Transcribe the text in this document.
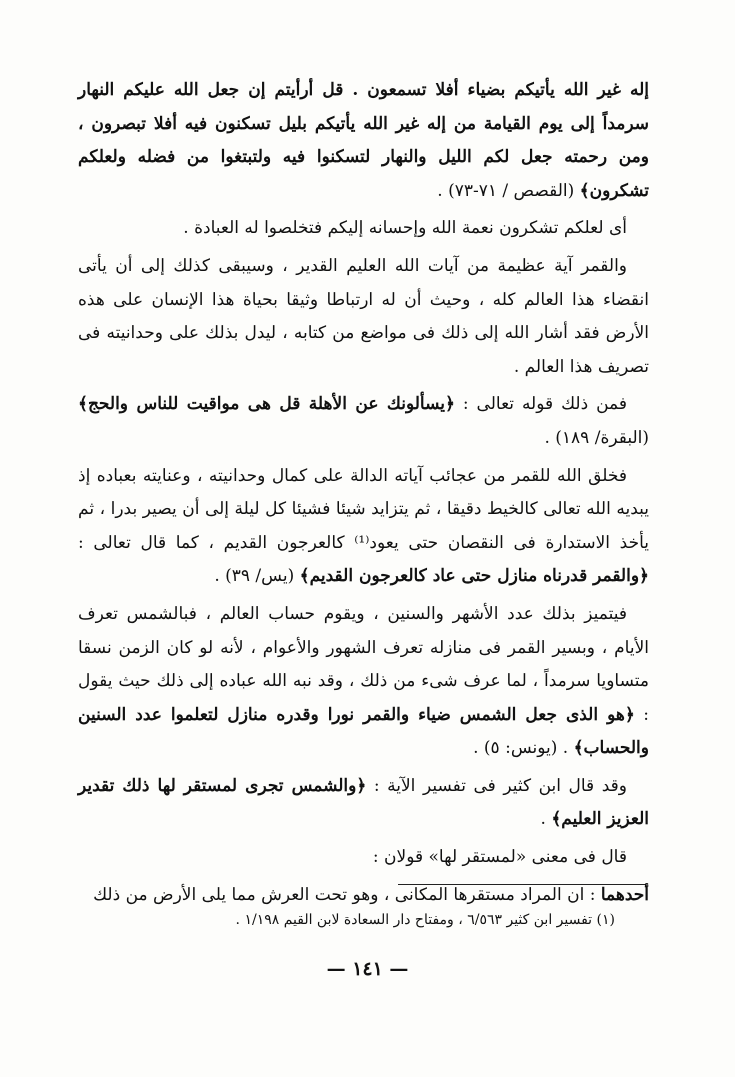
إله غير الله يأتيكم بضياء أفلا تسمعون . قل أرأيتم إن جعل الله عليكم النهار سرمداً إلى يوم القيامة من إله غير الله يأتيكم بليل تسكنون فيه أفلا تبصرون ، ومن رحمته جعل لكم الليل والنهار لتسكنوا فيه ولتبتغوا من فضله ولعلكم تشكرون﴾ (القصص / ٧١-٧٣) .

أى لعلكم تشكرون نعمة الله وإحسانه إليكم فتخلصوا له العبادة .

والقمر آية عظيمة من آيات الله العليم القدير ، وسيبقى كذلك إلى أن يأتى انقضاء هذا العالم كله ، وحيث أن له ارتباطا وثيقا بحياة هذا الإنسان على هذه الأرض فقد أشار الله إلى ذلك فى مواضع من كتابه ، ليدل بذلك على وحدانيته فى تصريف هذا العالم .

فمن ذلك قوله تعالى : ﴿يسألونك عن الأهلة قل هى مواقيت للناس والحج﴾ (البقرة/ ١٨٩) .

فخلق الله للقمر من عجائب آياته الدالة على كمال وحدانيته ، وعنايته بعباده إذ يبديه الله تعالى كالخيط دقيقا ، ثم يتزايد شيئا فشيئا كل ليلة إلى أن يصير بدرا ، ثم يأخذ الاستدارة فى النقصان حتى يعود⁽¹⁾ كالعرجون القديم ، كما قال تعالى : ﴿والقمر قدرناه منازل حتى عاد كالعرجون القديم﴾ (يس/ ٣٩) .

فيتميز بذلك عدد الأشهر والسنين ، ويقوم حساب العالم ، فبالشمس تعرف الأيام ، وبسير القمر فى منازله تعرف الشهور والأعوام ، لأنه لو كان الزمن نسقا متساويا سرمداً ، لما عرف شىء من ذلك ، وقد نبه الله عباده إلى ذلك حيث يقول : ﴿هو الذى جعل الشمس ضياء والقمر نورا وقدره منازل لتعلموا عدد السنين والحساب﴾ . (يونس: ٥) .

وقد قال ابن كثير فى تفسير الآية : ﴿والشمس تجرى لمستقر لها ذلك تقدير العزيز العليم﴾ .

قال فى معنى «لمستقر لها» قولان :

أحدهما : ان المراد مستقرها المكانى ، وهو تحت العرش مما يلى الأرض من ذلك

(١) تفسير ابن كثير ٦/٥٦٣ ، ومفتاح دار السعادة لابن القيم ١/١٩٨ .

— ١٤١ —
